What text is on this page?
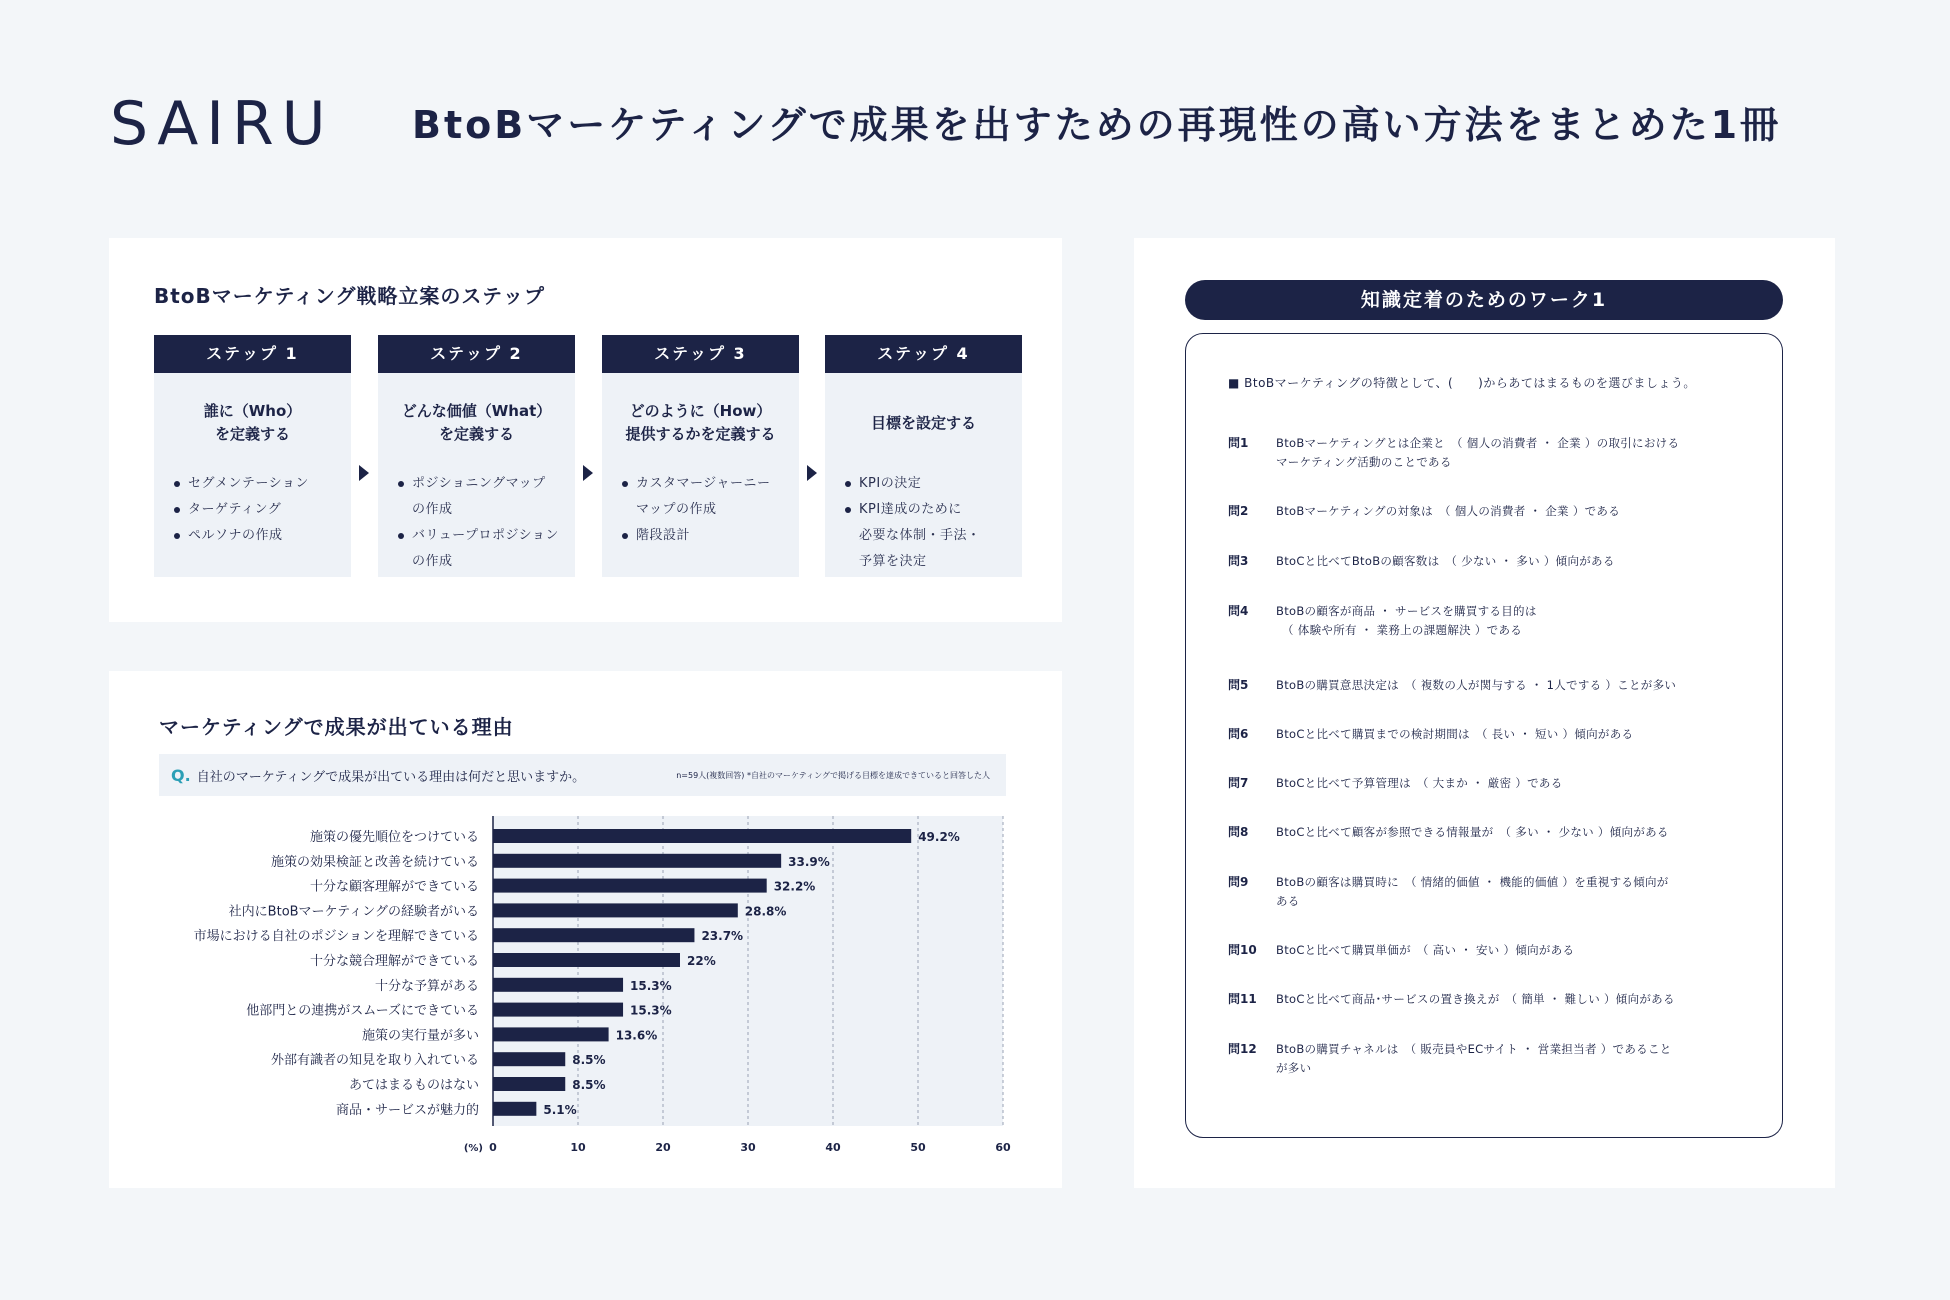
SAIRU BtoBマーケティングで成果を出すための再現性の高い方法をまとめた1冊
BtoBマーケティング戦略立案のステップ
ステップ 1
誰に（Who）
を定義する
セグメンテーション
ターゲティング
ペルソナの作成
ステップ 2
どんな価値（What）
を定義する
ポジショニングマップ
の作成
バリュープロポジション
の作成
ステップ 3
どのように（How）
提供するかを定義する
カスタマージャーニー
マップの作成
階段設計
ステップ 4
目標を設定する
KPIの決定
KPI達成のために
必要な体制・手法・
予算を決定
マーケティングで成果が出ている理由
Q. 自社のマーケティングで成果が出ている理由は何だと思いますか。	n=59人(複数回答) *自社のマーケティングで掲げる目標を達成できていると回答した人
0	10	20	30	40	50	60
(%)
施策の優先順位をつけている	49.2%
施策の効果検証と改善を続けている	33.9%
十分な顧客理解ができている	32.2%
社内にBtoBマーケティングの経験者がいる	28.8%
市場における自社のポジションを理解できている	23.7%
十分な競合理解ができている	22%
十分な予算がある	15.3%
他部門との連携がスムーズにできている	15.3%
施策の実行量が多い	13.6%
外部有識者の知見を取り入れている	8.5%
あてはまるものはない	8.5%
商品・サービスが魅力的	5.1%
知識定着のためのワーク1
■ BtoBマーケティングの特徴として、(　　)からあてはまるものを選びましょう。
問1	BtoBマーケティングとは企業と　（ 個人の消費者 ・ 企業 ）の取引における
マーケティング活動のことである
問2	BtoBマーケティングの対象は　（ 個人の消費者 ・ 企業 ）である
問3	BtoCと比べてBtoBの顧客数は　（ 少ない ・ 多い ）傾向がある
問4	BtoBの顧客が商品 ・ サービスを購買する目的は
　（ 体験や所有 ・ 業務上の課題解決 ）である
問5	BtoBの購買意思決定は　（ 複数の人が関与する ・ 1人でする ）ことが多い
問6	BtoCと比べて購買までの検討期間は　（ 長い ・ 短い ）傾向がある
問7	BtoCと比べて予算管理は　（ 大まか ・ 厳密 ）である
問8	BtoCと比べて顧客が参照できる情報量が　（ 多い ・ 少ない ）傾向がある
問9	BtoBの顧客は購買時に　（ 情緒的価値 ・ 機能的価値 ）を重視する傾向が
ある
問10	BtoCと比べて購買単価が　（ 高い ・ 安い ）傾向がある
問11	BtoCと比べて商品･サービスの置き換えが　（ 簡単 ・ 難しい ）傾向がある
問12	BtoBの購買チャネルは　（ 販売員やECサイト ・ 営業担当者 ）であること
が多い
